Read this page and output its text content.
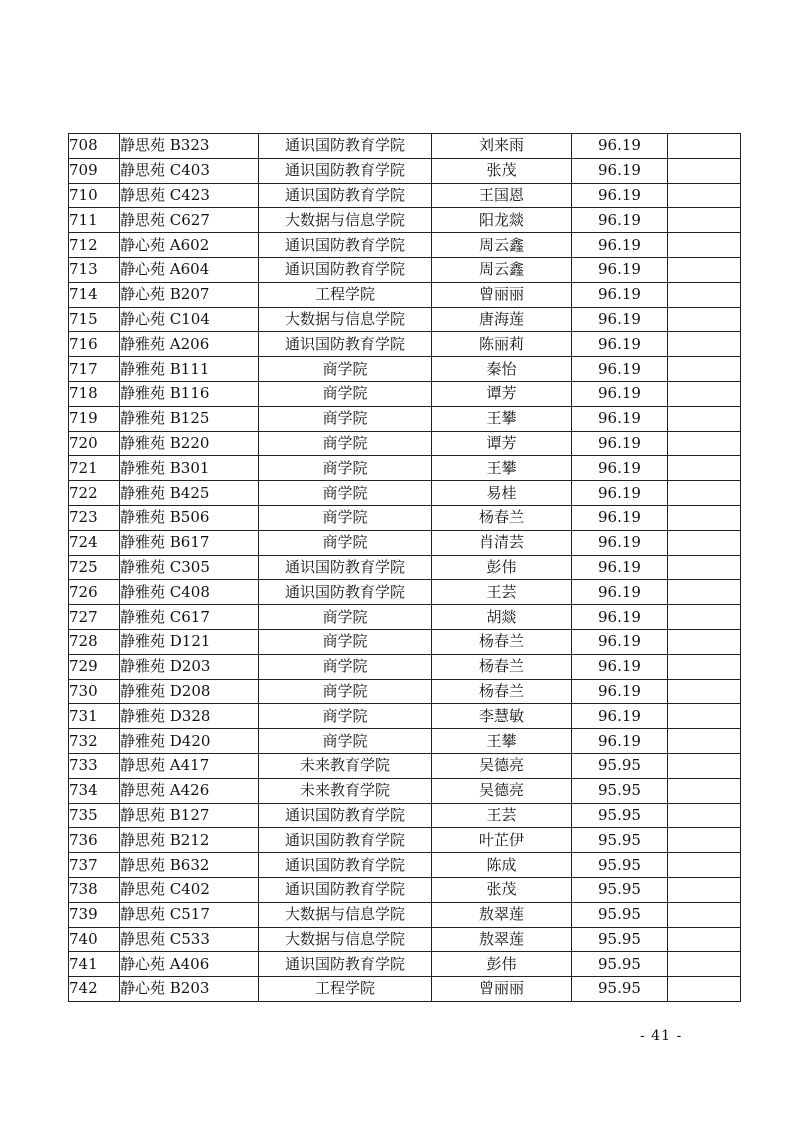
708	静思苑 B323	通识国防教育学院	刘来雨	96.19	
709	静思苑 C403	通识国防教育学院	张茂	96.19	
710	静思苑 C423	通识国防教育学院	王国恩	96.19	
711	静思苑 C627	大数据与信息学院	阳龙燚	96.19	
712	静心苑 A602	通识国防教育学院	周云鑫	96.19	
713	静心苑 A604	通识国防教育学院	周云鑫	96.19	
714	静心苑 B207	工程学院	曾丽丽	96.19	
715	静心苑 C104	大数据与信息学院	唐海莲	96.19	
716	静雅苑 A206	通识国防教育学院	陈丽莉	96.19	
717	静雅苑 B111	商学院	秦怡	96.19	
718	静雅苑 B116	商学院	谭芳	96.19	
719	静雅苑 B125	商学院	王攀	96.19	
720	静雅苑 B220	商学院	谭芳	96.19	
721	静雅苑 B301	商学院	王攀	96.19	
722	静雅苑 B425	商学院	易桂	96.19	
723	静雅苑 B506	商学院	杨春兰	96.19	
724	静雅苑 B617	商学院	肖清芸	96.19	
725	静雅苑 C305	通识国防教育学院	彭伟	96.19	
726	静雅苑 C408	通识国防教育学院	王芸	96.19	
727	静雅苑 C617	商学院	胡燚	96.19	
728	静雅苑 D121	商学院	杨春兰	96.19	
729	静雅苑 D203	商学院	杨春兰	96.19	
730	静雅苑 D208	商学院	杨春兰	96.19	
731	静雅苑 D328	商学院	李慧敏	96.19	
732	静雅苑 D420	商学院	王攀	96.19	
733	静思苑 A417	未来教育学院	吴德亮	95.95	
734	静思苑 A426	未来教育学院	吴德亮	95.95	
735	静思苑 B127	通识国防教育学院	王芸	95.95	
736	静思苑 B212	通识国防教育学院	叶芷伊	95.95	
737	静思苑 B632	通识国防教育学院	陈成	95.95	
738	静思苑 C402	通识国防教育学院	张茂	95.95	
739	静思苑 C517	大数据与信息学院	敖翠莲	95.95	
740	静思苑 C533	大数据与信息学院	敖翠莲	95.95	
741	静心苑 A406	通识国防教育学院	彭伟	95.95	
742	静心苑 B203	工程学院	曾丽丽	95.95	
- 41 -
